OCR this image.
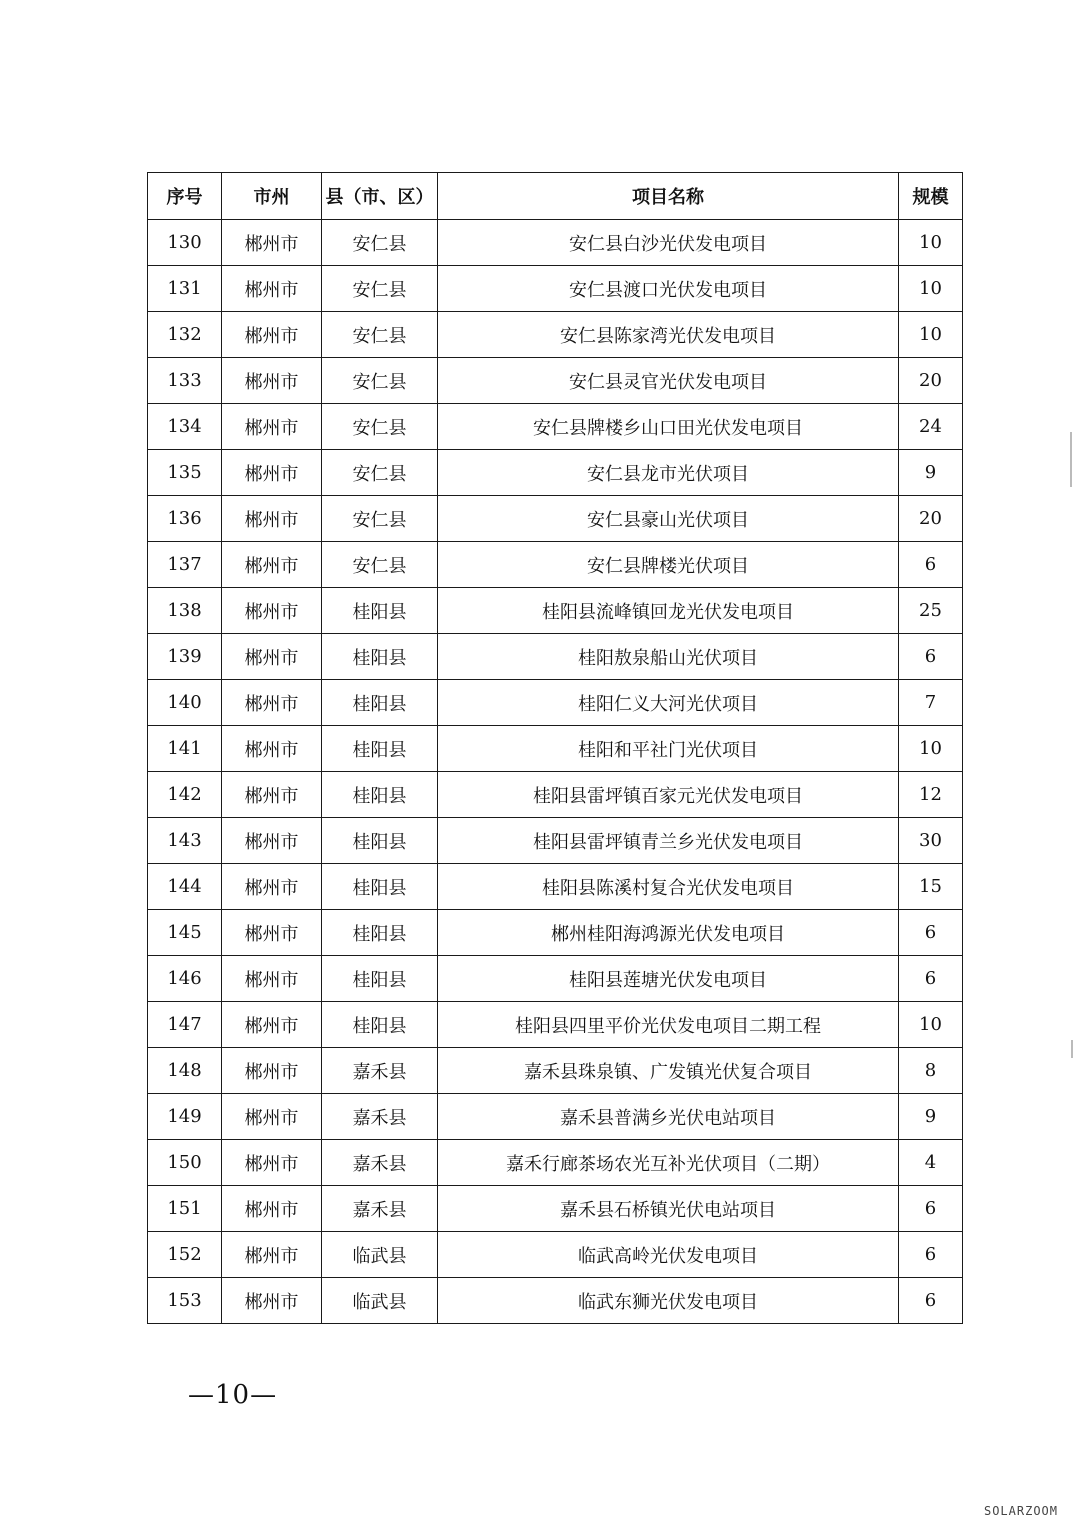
序号	市州	县（市、区）	项目名称	规模
130	郴州市	安仁县	安仁县白沙光伏发电项目	10
131	郴州市	安仁县	安仁县渡口光伏发电项目	10
132	郴州市	安仁县	安仁县陈家湾光伏发电项目	10
133	郴州市	安仁县	安仁县灵官光伏发电项目	20
134	郴州市	安仁县	安仁县牌楼乡山口田光伏发电项目	24
135	郴州市	安仁县	安仁县龙市光伏项目	9
136	郴州市	安仁县	安仁县豪山光伏项目	20
137	郴州市	安仁县	安仁县牌楼光伏项目	6
138	郴州市	桂阳县	桂阳县流峰镇回龙光伏发电项目	25
139	郴州市	桂阳县	桂阳敖泉船山光伏项目	6
140	郴州市	桂阳县	桂阳仁义大河光伏项目	7
141	郴州市	桂阳县	桂阳和平社门光伏项目	10
142	郴州市	桂阳县	桂阳县雷坪镇百家元光伏发电项目	12
143	郴州市	桂阳县	桂阳县雷坪镇青兰乡光伏发电项目	30
144	郴州市	桂阳县	桂阳县陈溪村复合光伏发电项目	15
145	郴州市	桂阳县	郴州桂阳海鸿源光伏发电项目	6
146	郴州市	桂阳县	桂阳县莲塘光伏发电项目	6
147	郴州市	桂阳县	桂阳县四里平价光伏发电项目二期工程	10
148	郴州市	嘉禾县	嘉禾县珠泉镇、广发镇光伏复合项目	8
149	郴州市	嘉禾县	嘉禾县普满乡光伏电站项目	9
150	郴州市	嘉禾县	嘉禾行廊茶场农光互补光伏项目（二期）	4
151	郴州市	嘉禾县	嘉禾县石桥镇光伏电站项目	6
152	郴州市	临武县	临武高岭光伏发电项目	6
153	郴州市	临武县	临武东狮光伏发电项目	6
—10—
SOLARZOOM
